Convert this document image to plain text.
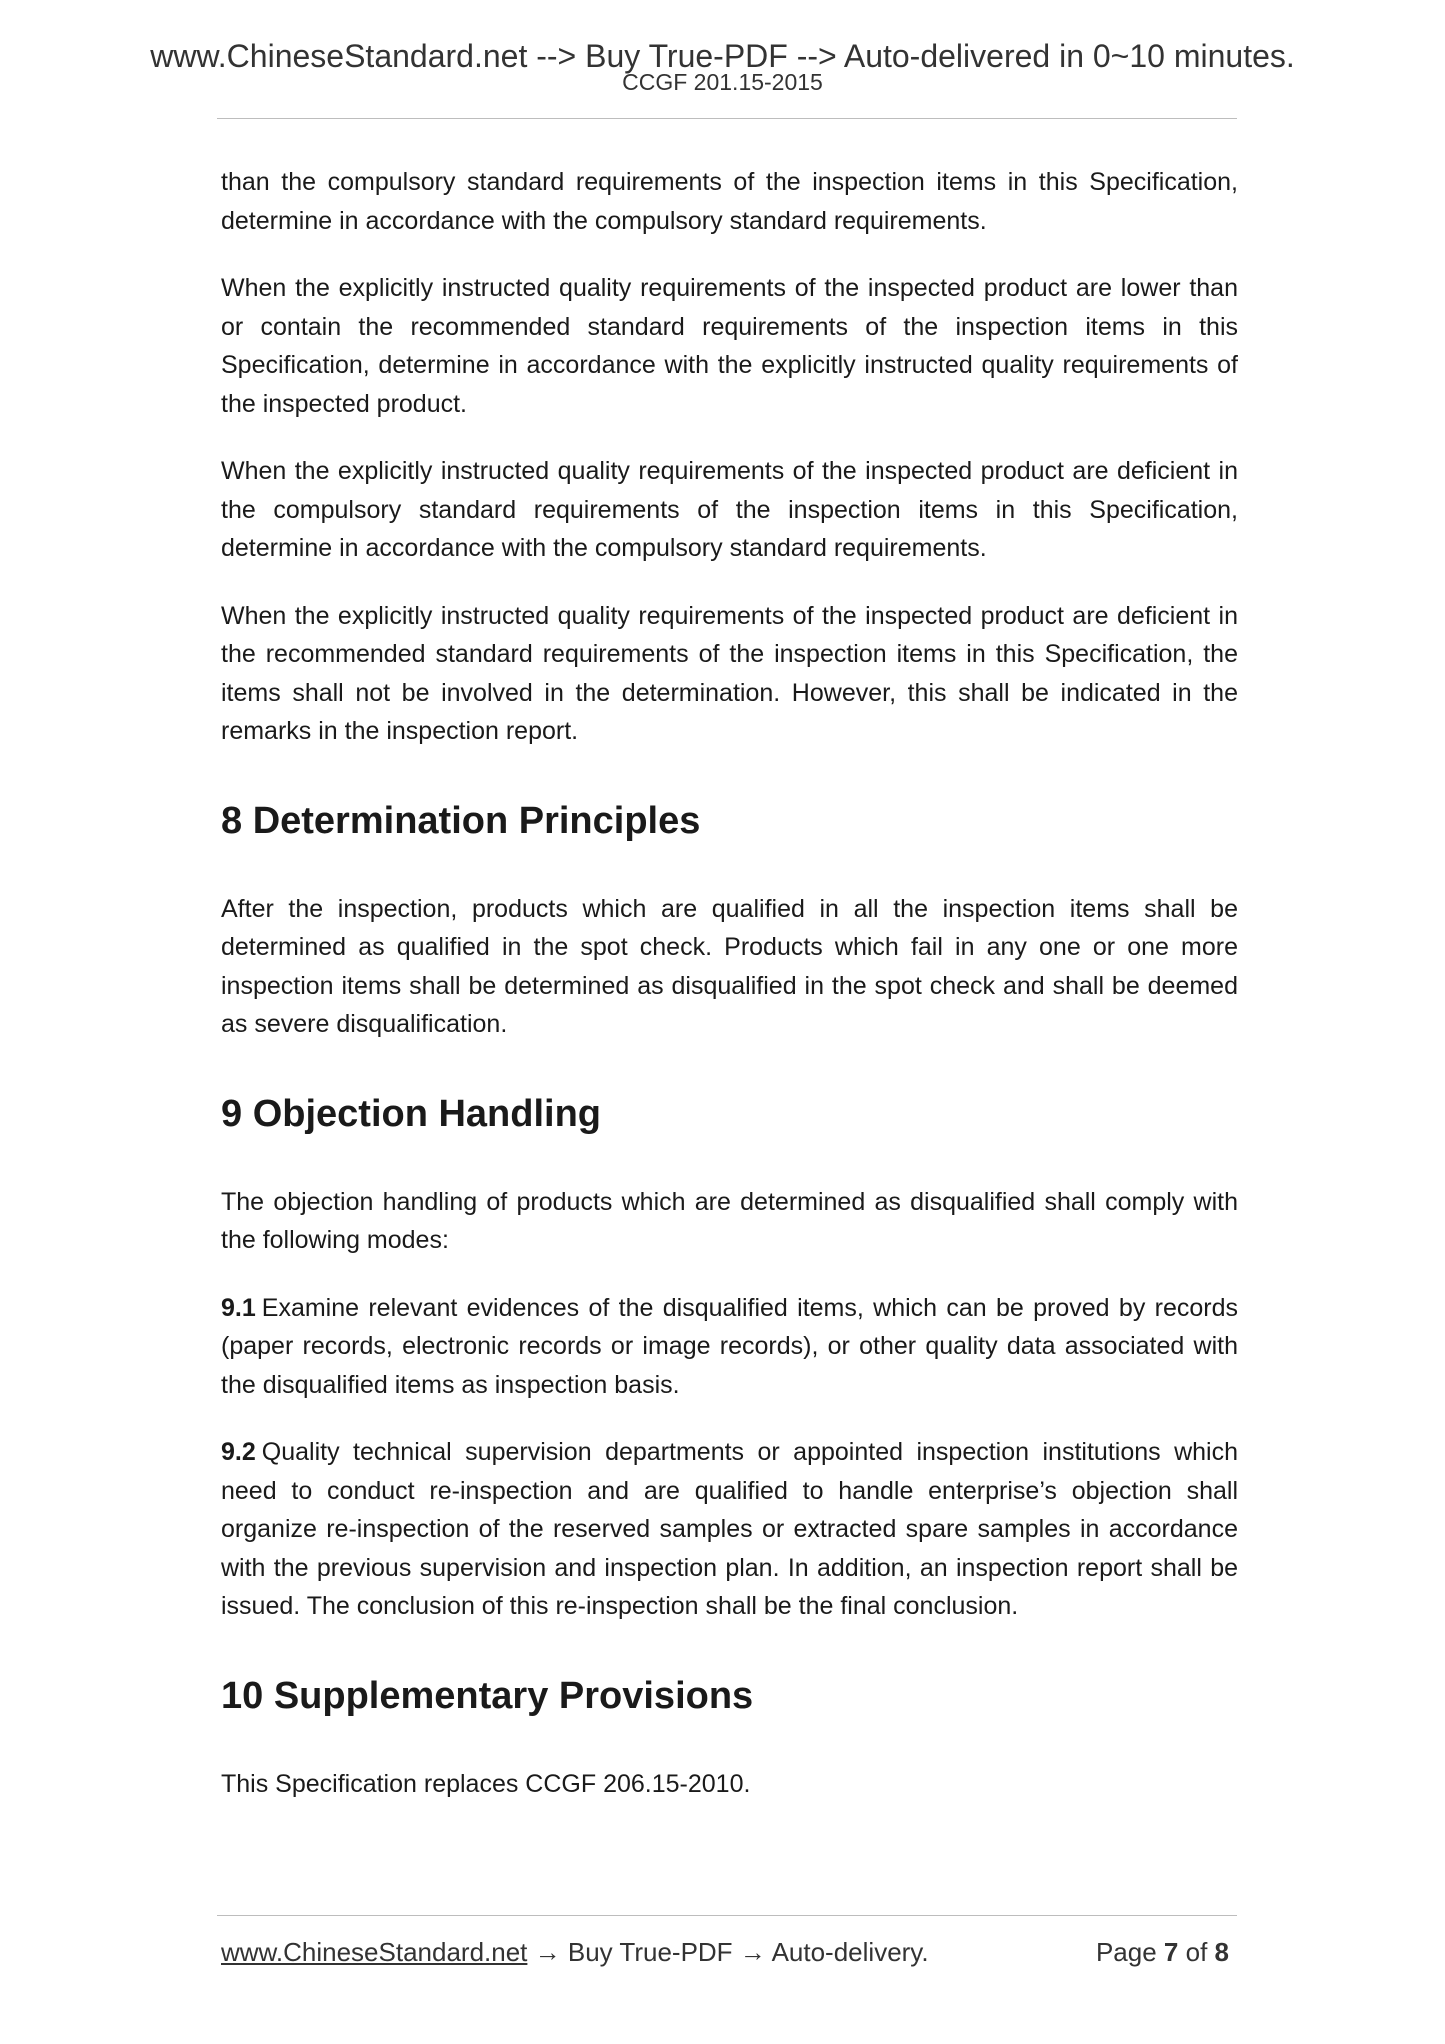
www.ChineseStandard.net --> Buy True-PDF --> Auto-delivered in 0~10 minutes.
CCGF 201.15-2015

than the compulsory standard requirements of the inspection items in this Specification, determine in accordance with the compulsory standard requirements.

When the explicitly instructed quality requirements of the inspected product are lower than or contain the recommended standard requirements of the inspection items in this Specification, determine in accordance with the explicitly instructed quality requirements of the inspected product.

When the explicitly instructed quality requirements of the inspected product are deficient in the compulsory standard requirements of the inspection items in this Specification, determine in accordance with the compulsory standard requirements.

When the explicitly instructed quality requirements of the inspected product are deficient in the recommended standard requirements of the inspection items in this Specification, the items shall not be involved in the determination. However, this shall be indicated in the remarks in the inspection report.

8 Determination Principles

After the inspection, products which are qualified in all the inspection items shall be determined as qualified in the spot check. Products which fail in any one or one more inspection items shall be determined as disqualified in the spot check and shall be deemed as severe disqualification.

9 Objection Handling

The objection handling of products which are determined as disqualified shall comply with the following modes:

9.1 Examine relevant evidences of the disqualified items, which can be proved by records (paper records, electronic records or image records), or other quality data associated with the disqualified items as inspection basis.

9.2 Quality technical supervision departments or appointed inspection institutions which need to conduct re-inspection and are qualified to handle enterprise’s objection shall organize re-inspection of the reserved samples or extracted spare samples in accordance with the previous supervision and inspection plan. In addition, an inspection report shall be issued. The conclusion of this re-inspection shall be the final conclusion.

10 Supplementary Provisions

This Specification replaces CCGF 206.15-2010.

www.ChineseStandard.net → Buy True-PDF → Auto-delivery.	Page 7 of 8
